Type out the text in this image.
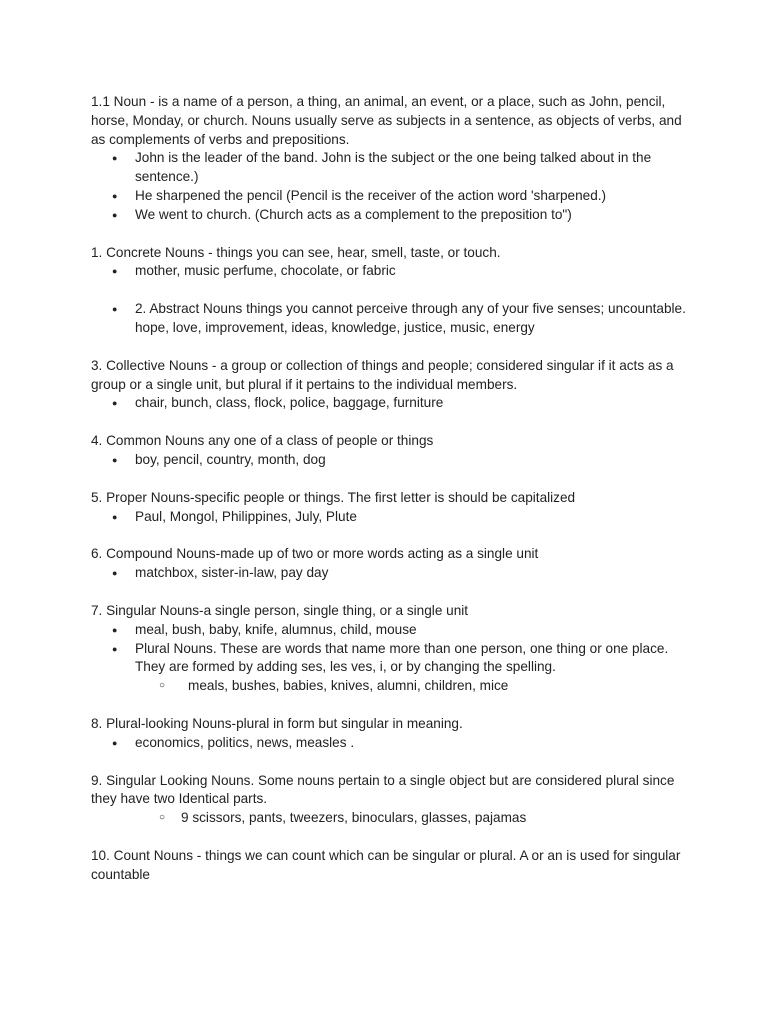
1.1 Noun - is a name of a person, a thing, an animal, an event, or a place, such as John, pencil, horse, Monday, or church. Nouns usually serve as subjects in a sentence, as objects of verbs, and as complements of verbs and prepositions.

● John is the leader of the band. John is the subject or the one being talked about in the sentence.)
● He sharpened the pencil (Pencil is the receiver of the action word 'sharpened.)
● We went to church. (Church acts as a complement to the preposition to")

1. Concrete Nouns - things you can see, hear, smell, taste, or touch.

● mother, music perfume, chocolate, or fabric
● 2. Abstract Nouns things you cannot perceive through any of your five senses; uncountable. hope, love, improvement, ideas, knowledge, justice, music, energy

3. Collective Nouns - a group or collection of things and people; considered singular if it acts as a group or a single unit, but plural if it pertains to the individual members.

● chair, bunch, class, flock, police, baggage, furniture

4. Common Nouns any one of a class of people or things

● boy, pencil, country, month, dog

5. Proper Nouns-specific people or things. The first letter is should be capitalized

● Paul, Mongol, Philippines, July, Plute

6. Compound Nouns-made up of two or more words acting as a single unit

● matchbox, sister-in-law, pay day

7. Singular Nouns-a single person, single thing, or a single unit

● meal, bush, baby, knife, alumnus, child, mouse
● Plural Nouns. These are words that name more than one person, one thing or one place. They are formed by adding ses, les ves, i, or by changing the spelling.
○ meals, bushes, babies, knives, alumni, children, mice

8. Plural-looking Nouns-plural in form but singular in meaning.

● economics, politics, news, measles .

9. Singular Looking Nouns. Some nouns pertain to a single object but are considered plural since they have two Identical parts.

○ 9 scissors, pants, tweezers, binoculars, glasses, pajamas

10. Count Nouns - things we can count which can be singular or plural. A or an is used for singular countable
